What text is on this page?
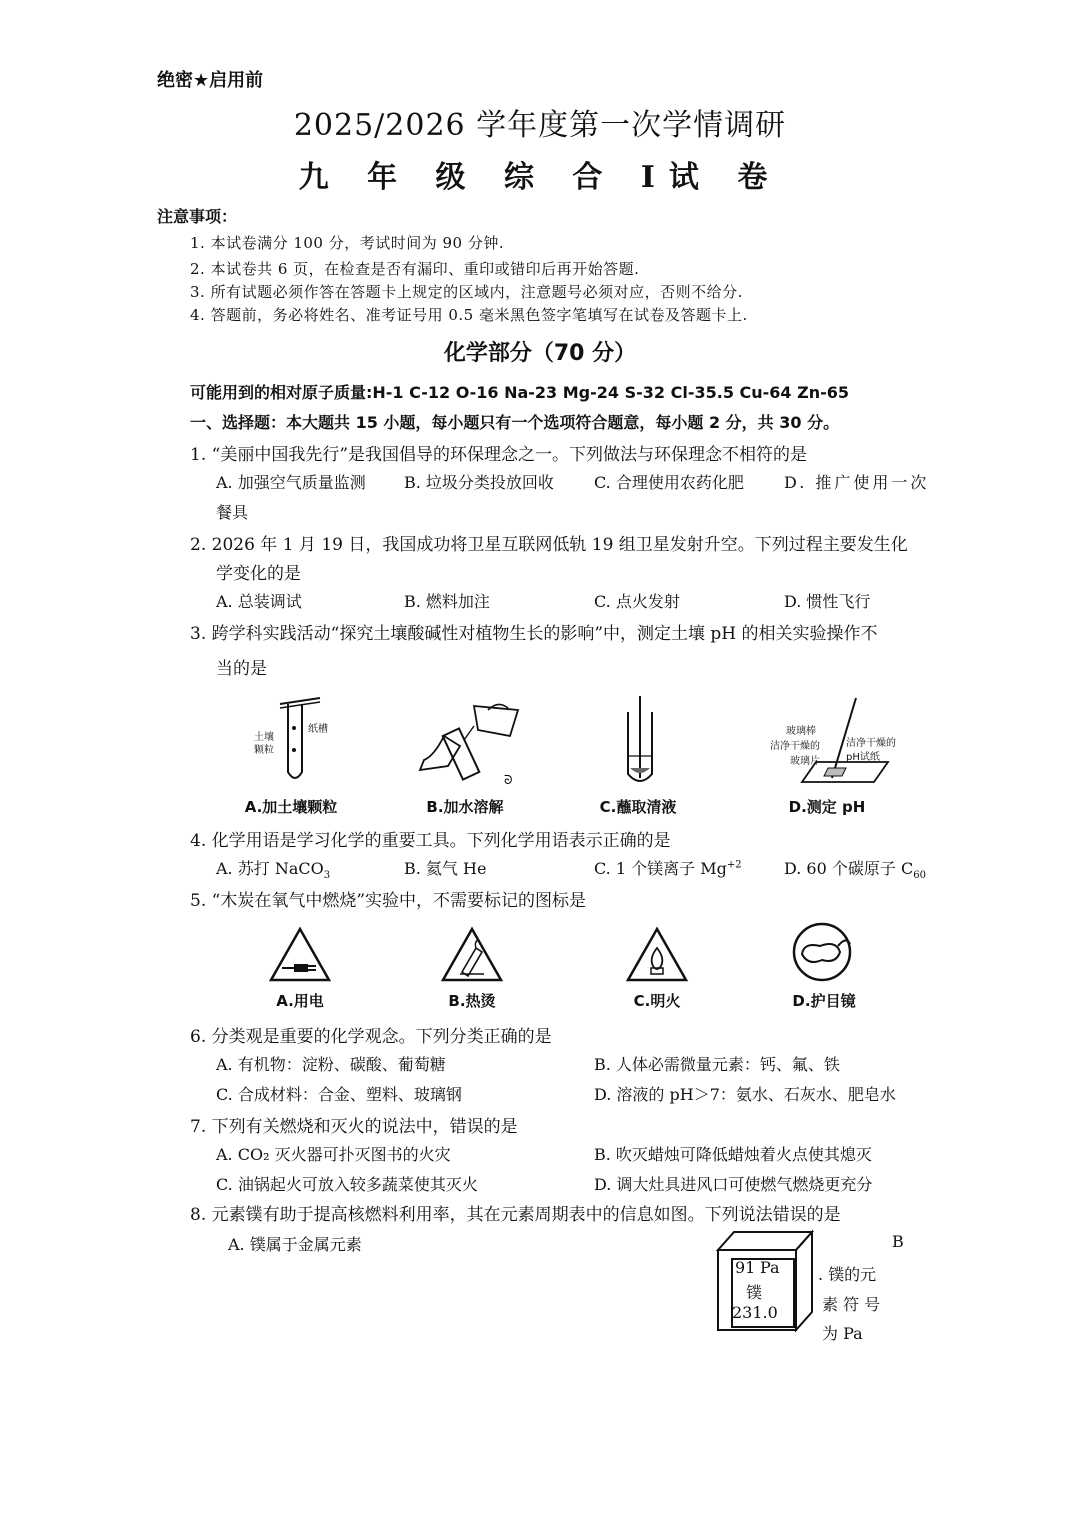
绝密★启用前
2025/2026 学年度第一次学情调研
九 年 级 综 合 I试 卷
注意事项：
1. 本试卷满分 100 分，考试时间为 90 分钟.
2. 本试卷共 6 页，在检查是否有漏印、重印或错印后再开始答题.
3. 所有试题必须作答在答题卡上规定的区域内，注意题号必须对应，否则不给分.
4. 答题前，务必将姓名、准考证号用 0.5 毫米黑色签字笔填写在试卷及答题卡上.
化学部分（70 分）
可能用到的相对原子质量:H-1 C-12 O-16 Na-23 Mg-24 S-32 Cl-35.5 Cu-64 Zn-65
一、选择题：本大题共 15 小题，每小题只有一个选项符合题意，每小题 2 分，共 30 分。
1. “美丽中国我先行”是我国倡导的环保理念之一。下列做法与环保理念不相符的是
A. 加强空气质量监测 B. 垃圾分类投放回收	C. 合理使用农药化肥	D. 推广使用一次
餐具
2. 2026 年 1 月 19 日，我国成功将卫星互联网低轨 19 组卫星发射升空。下列过程主要发生化
学变化的是
A. 总装调试	B. 燃料加注	C. 点火发射	D. 惯性飞行
3. 跨学科实践活动“探究土壤酸碱性对植物生长的影响”中，测定土壤 pH 的相关实验操作不
当的是
土壤
颗粒
纸槽
ᘐ
玻璃棒
洁净干燥的
玻璃片
洁净干燥的
pH试纸
A.加土壤颗粒	B.加水溶解	C.蘸取清液	D.测定 pH
4. 化学用语是学习化学的重要工具。下列化学用语表示正确的是
A. 苏打 NaCO$_3$	B. 氦气 He	C. 1 个镁离子 $Mg^{+2}$	D. 60 个碳原子 $C_{60}$
5. “木炭在氧气中燃烧”实验中，不需要标记的图标是
A.用电	B.热烫	C.明火	D.护目镜
6. 分类观是重要的化学观念。下列分类正确的是
A. 有机物：淀粉、碳酸、葡萄糖	B. 人体必需微量元素：钙、氟、铁
C. 合成材料：合金、塑料、玻璃钢	D. 溶液的 pH＞7：氨水、石灰水、肥皂水
7. 下列有关燃烧和灭火的说法中，错误的是
A. CO₂ 灭火器可扑灭图书的火灾	B. 吹灭蜡烛可降低蜡烛着火点使其熄灭
C. 油锅起火可放入较多蔬菜使其灭火	D. 调大灶具进风口可使燃气燃烧更充分
8. 元素镤有助于提高核燃料利用率，其在元素周期表中的信息如图。下列说法错误的是
A. 镤属于金属元素	B
91 Pa
镤
231.0
. 镤的元
素 符 号
为 Pa
